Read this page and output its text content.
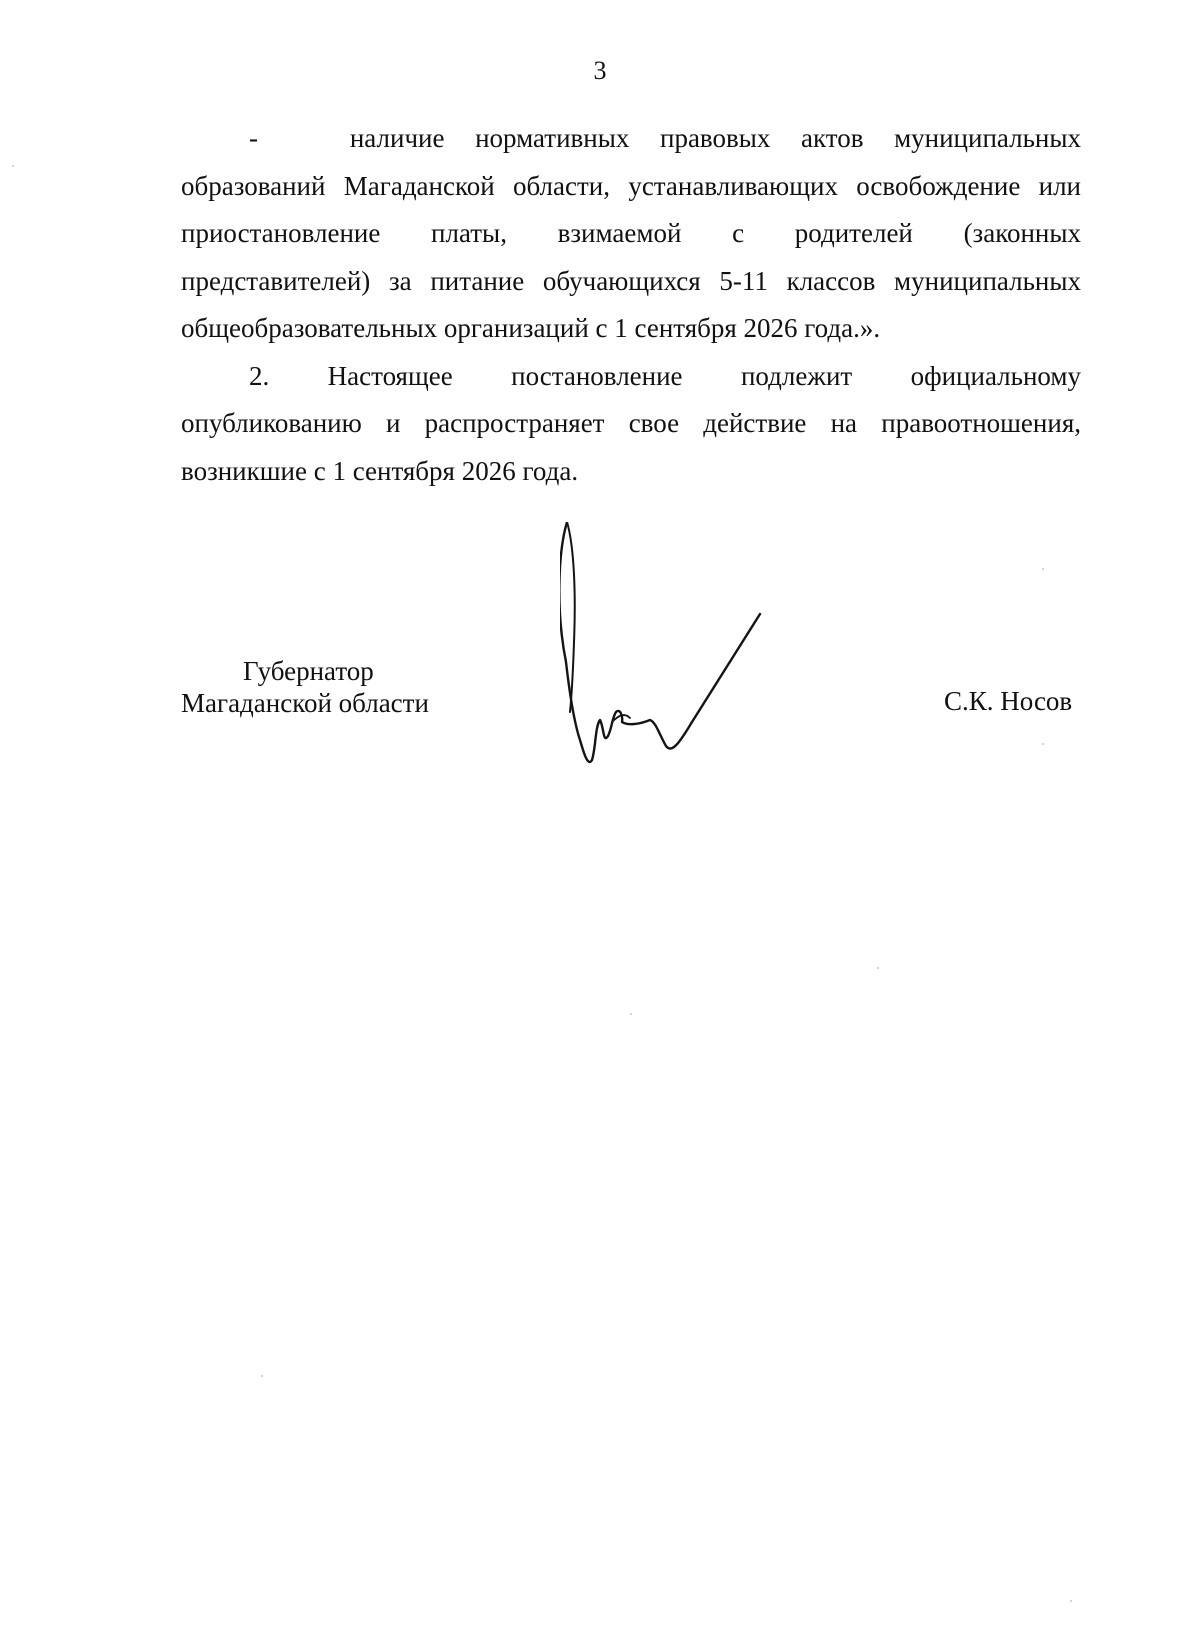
3

-   наличие нормативных правовых актов муниципальных
образований Магаданской области, устанавливающих освобождение или
приостановление платы, взимаемой с родителей (законных
представителей) за питание обучающихся 5-11 классов муниципальных
общеобразовательных организаций с 1 сентября 2026 года.».

2. Настоящее постановление подлежит официальному
опубликованию и распространяет свое действие на правоотношения,
возникшие с 1 сентября 2026 года.

Губернатор
Магаданской области	С.К. Носов
